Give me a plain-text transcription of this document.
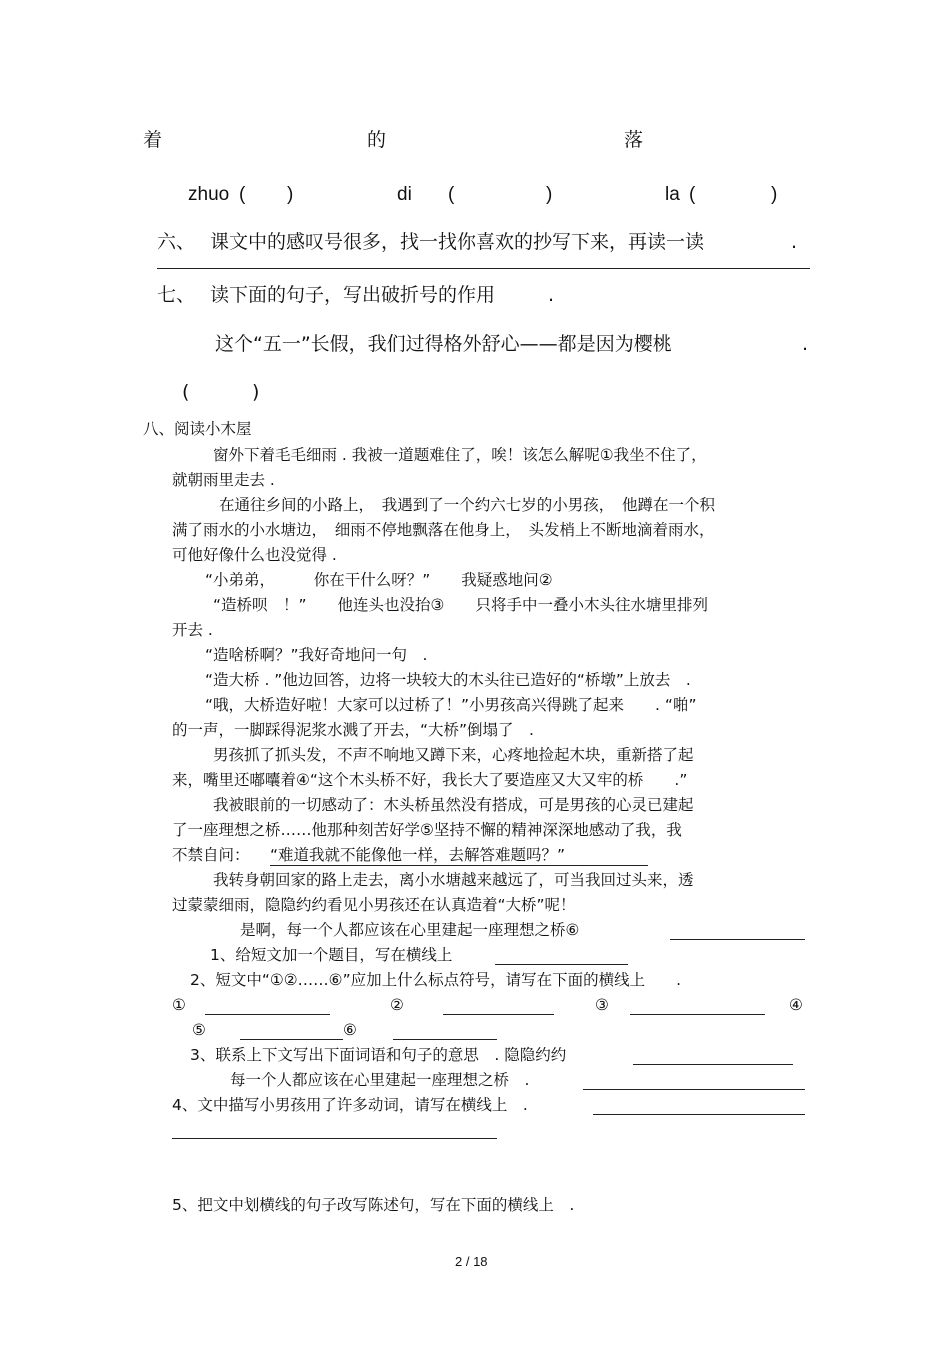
着	的	落
zhuo ( )	di (	)	la (	)
六、 课文中的感叹号很多，找一找你喜欢的抄写下来，再读一读	.
七、 读下面的句子，写出破折号的作用	.
这个“五一”长假，我们过得格外舒心——都是因为樱桃	.
(	)
八、阅读小木屋
窗外下着毛毛细雨 . 我被一道题难住了，唉！该怎么解呢①我坐不住了，
就朝雨里走去 .
在通往乡间的小路上，　我遇到了一个约六七岁的小男孩，　他蹲在一个积
满了雨水的小水塘边，　细雨不停地飘落在他身上，　头发梢上不断地滴着雨水，
可他好像什么也没觉得 .
“小弟弟，　　　你在干什么呀？”　　我疑惑地问②
“造桥呗　！”　　他连头也没抬③　　只将手中一叠小木头往水塘里排列
开去 .
“造啥桥啊？”我好奇地问一句　.
“造大桥 . ”他边回答，边将一块较大的木头往已造好的“桥墩”上放去　.
“哦，大桥造好啦！大家可以过桥了！”小男孩高兴得跳了起来　　. “啪”
的一声，一脚踩得泥浆水溅了开去，“大桥”倒塌了　.
男孩抓了抓头发，不声不响地又蹲下来，心疼地捡起木块，重新搭了起
来，嘴里还嘟囔着④“这个木头桥不好，我长大了要造座又大又牢的桥　　.”
我被眼前的一切感动了：木头桥虽然没有搭成，可是男孩的心灵已建起
了一座理想之桥……他那种刻苦好学⑤坚持不懈的精神深深地感动了我，我
不禁自问： “难道我就不能像他一样，去解答难题吗？”
我转身朝回家的路上走去，离小水塘越来越远了，可当我回过头来，透
过蒙蒙细雨，隐隐约约看见小男孩还在认真造着“大桥”呢！
是啊，每一个人都应该在心里建起一座理想之桥⑥
1、给短文加一个题目，写在横线上
2、短文中“①②……⑥”应加上什么标点符号，请写在下面的横线上　　.
①	②	③	④
⑤	⑥
3、联系上下文写出下面词语和句子的意思　. 隐隐约约
每一个人都应该在心里建起一座理想之桥　.
4、文中描写小男孩用了许多动词，请写在横线上　.
5、把文中划横线的句子改写陈述句，写在下面的横线上　.
2 / 18
